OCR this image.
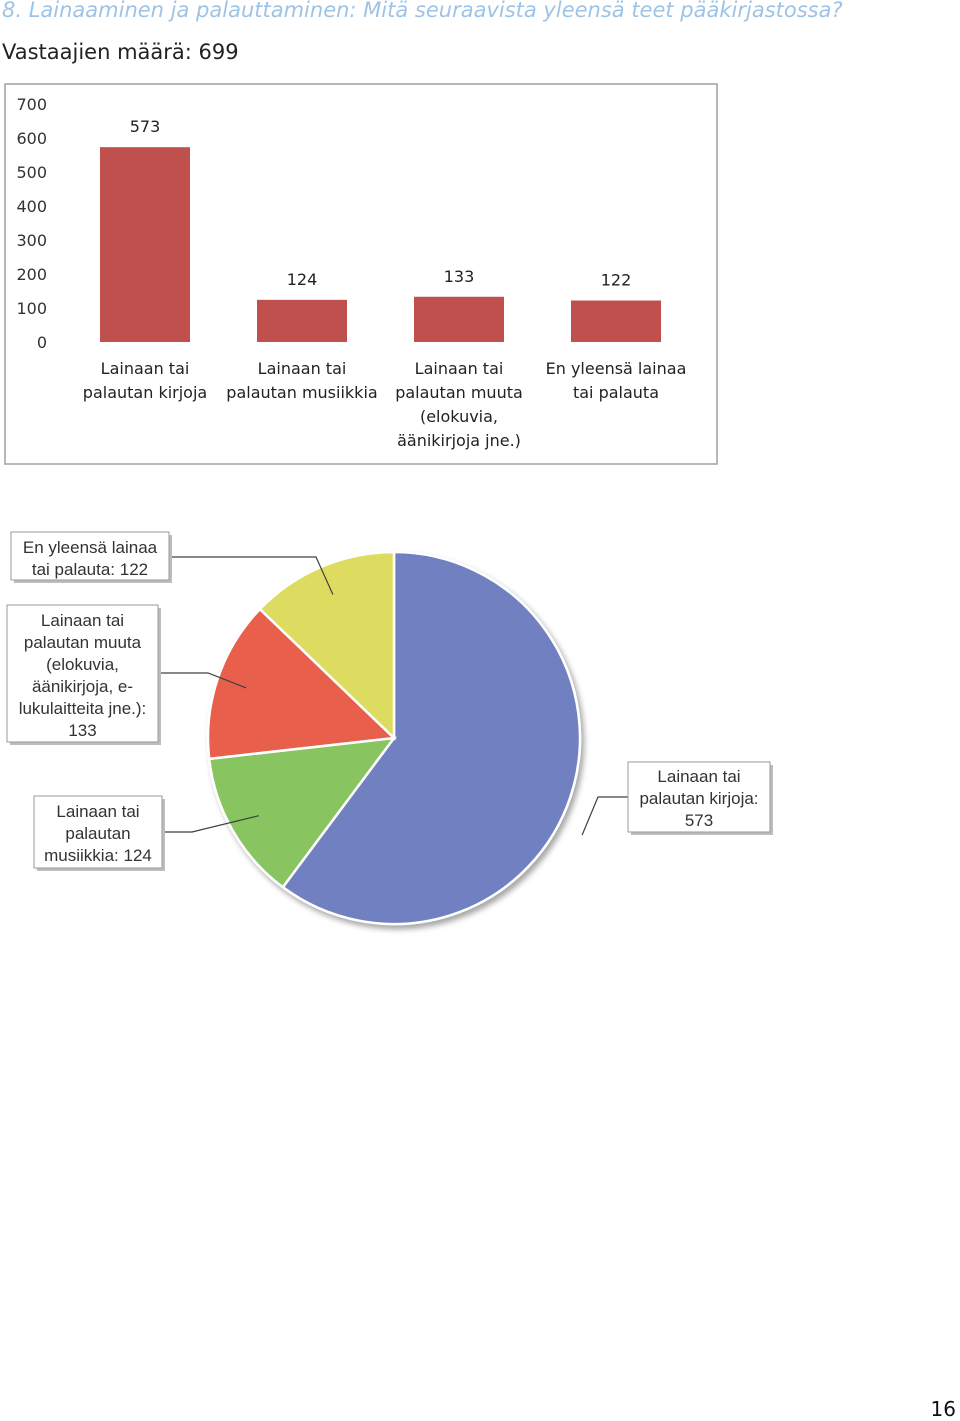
8. Lainaaminen ja palauttaminen: Mitä seuraavista yleensä teet pääkirjastossa?
Vastaajien määrä: 699
700
600
500
400
300
200
100
0
573
Lainaan tai
palautan kirjoja
124
Lainaan tai
palautan musiikkia
133
Lainaan tai
palautan muuta
(elokuvia,
äänikirjoja jne.)
122
En yleensä lainaa
tai palauta
Lainaan tai
palautan kirjoja:
573
Lainaan tai
palautan
musiikkia: 124
Lainaan tai
palautan muuta
(elokuvia,
äänikirjoja, e-
lukulaitteita jne.):
133
En yleensä lainaa
tai palauta: 122
16
